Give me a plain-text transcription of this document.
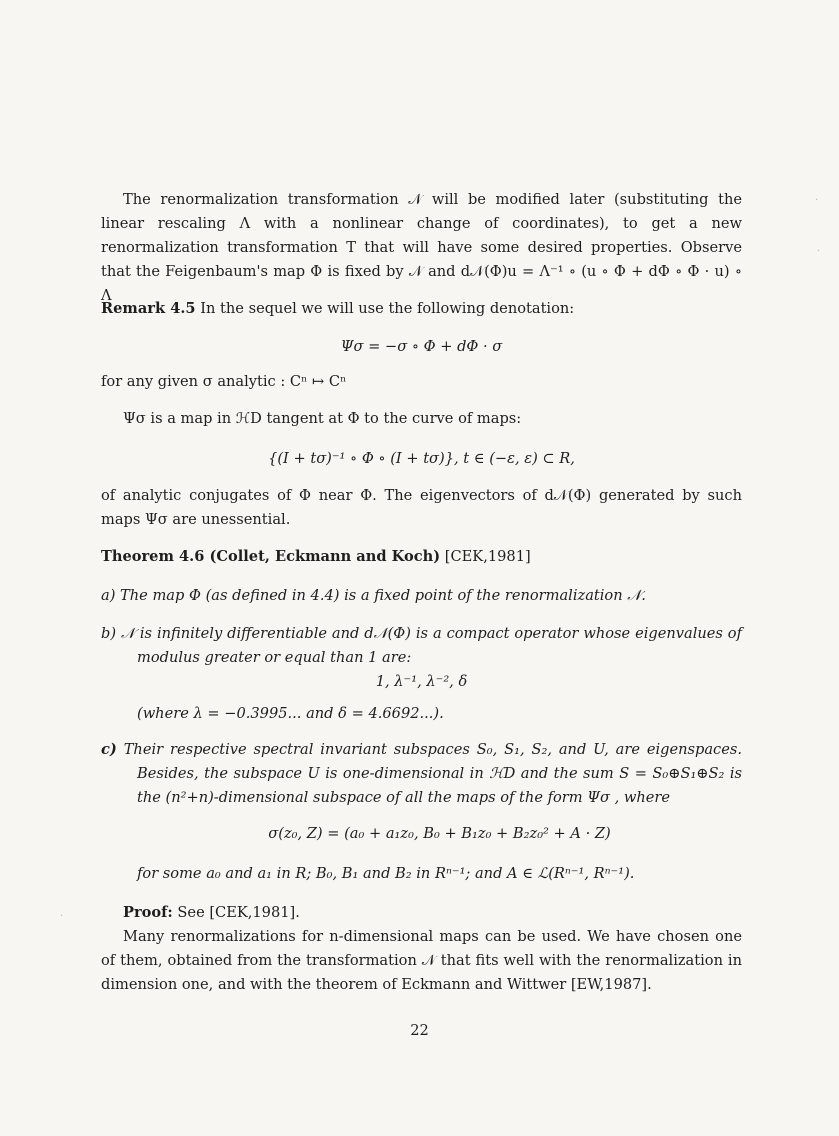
The renormalization transformation 𝒩 will be modified later (substituting the linear rescaling Λ with a nonlinear change of coordinates), to get a new renormalization transformation T that will have some desired properties. Observe that the Feigenbaum's map Φ is fixed by 𝒩 and d𝒩(Φ)u = Λ⁻¹ ∘ (u ∘ Φ + dΦ ∘ Φ · u) ∘ Λ

Remark 4.5 In the sequel we will use the following denotation:

Ψσ = −σ ∘ Φ + dΦ · σ

for any given σ analytic : Cⁿ ↦ Cⁿ

Ψσ is a map in ℋD tangent at Φ to the curve of maps:

{(I + tσ)⁻¹ ∘ Φ ∘ (I + tσ)}, t ∈ (−ε, ε) ⊂ R,

of analytic conjugates of Φ near Φ. The eigenvectors of d𝒩(Φ) generated by such maps Ψσ are unessential.

Theorem 4.6 (Collet, Eckmann and Koch) [CEK,1981]

a) The map Φ (as defined in 4.4) is a fixed point of the renormalization 𝒩.

b) 𝒩 is infinitely differentiable and d𝒩(Φ) is a compact operator whose eigenvalues of modulus greater or equal than 1 are:

1, λ⁻¹, λ⁻², δ

(where λ = −0.3995... and δ = 4.6692...).

c) Their respective spectral invariant subspaces S₀, S₁, S₂, and U, are eigenspaces. Besides, the subspace U is one-dimensional in ℋD and the sum S = S₀⊕S₁⊕S₂ is the (n²+n)-dimensional subspace of all the maps of the form Ψσ , where

σ(z₀, Z) = (a₀ + a₁z₀, B₀ + B₁z₀ + B₂z₀² + A · Z)

for some a₀ and a₁ in R; B₀, B₁ and B₂ in Rⁿ⁻¹; and A ∈ ℒ(Rⁿ⁻¹, Rⁿ⁻¹).

Proof: See [CEK,1981].

Many renormalizations for n-dimensional maps can be used. We have chosen one of them, obtained from the transformation 𝒩 that fits well with the renormalization in dimension one, and with the theorem of Eckmann and Wittwer [EW,1987].

22
·
·
·
